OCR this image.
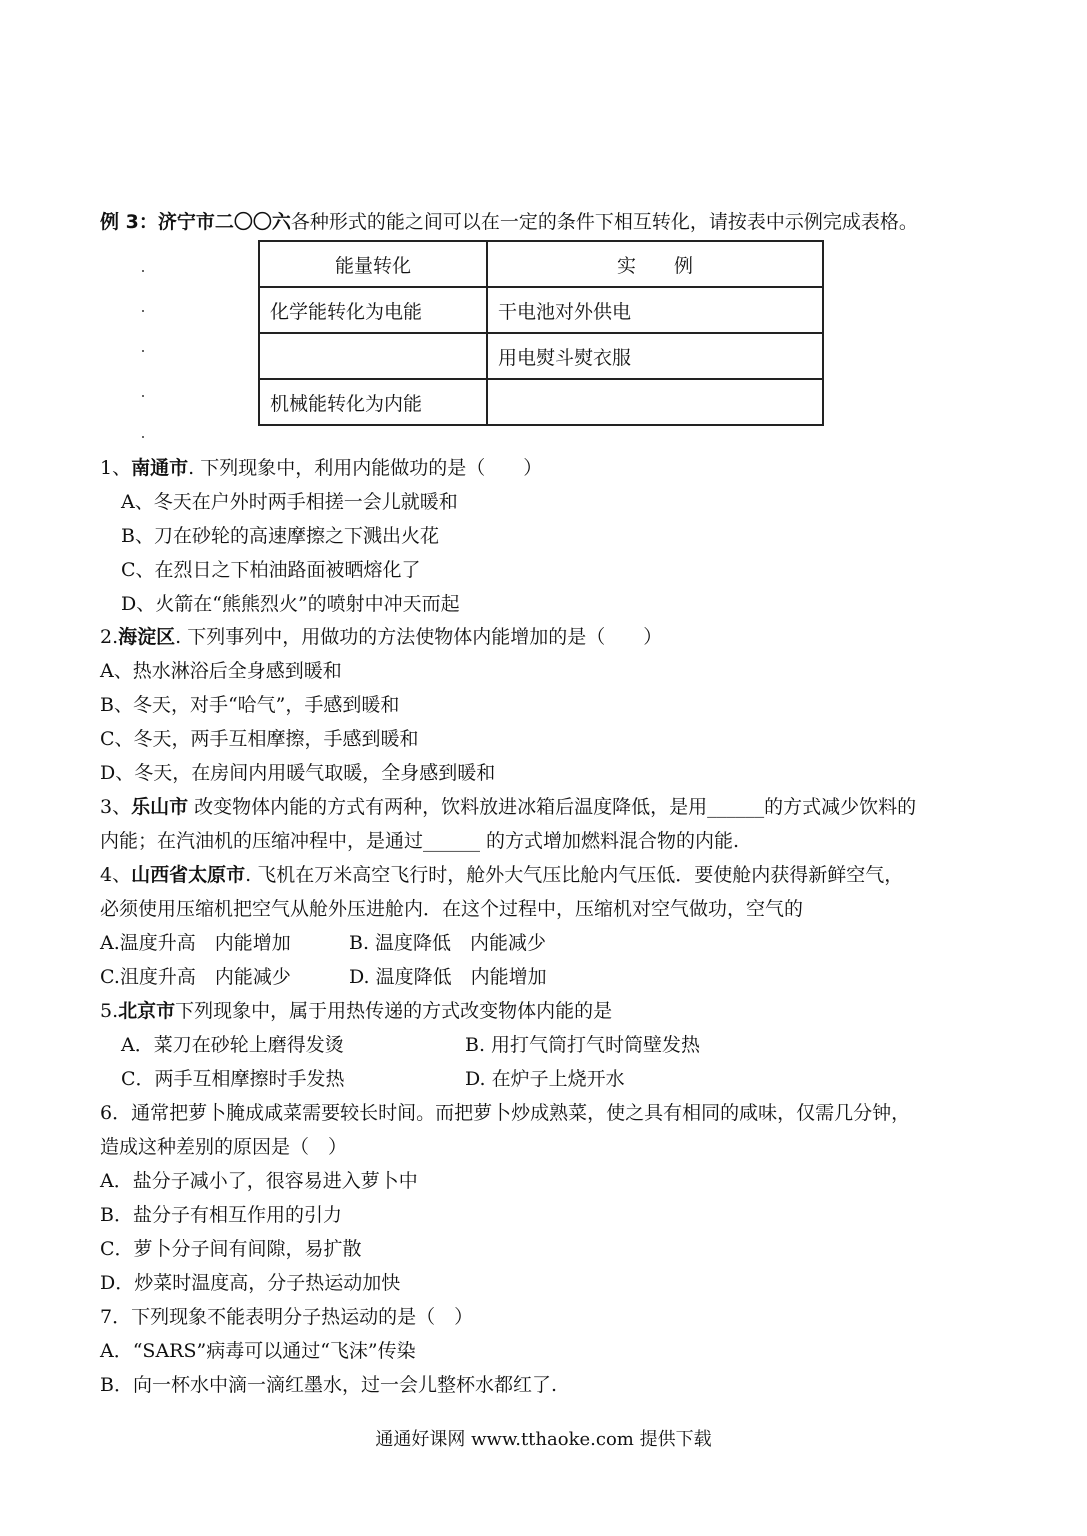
例 3：济宁市二〇〇六各种形式的能之间可以在一定的条件下相互转化，请按表中示例完成表格。
能量转化	实　　例
化学能转化为电能	干电池对外供电
	用电熨斗熨衣服
机械能转化为内能	
1、南通市. 下列现象中，利用内能做功的是（　　）
A、冬天在户外时两手相搓一会儿就暖和
B、刀在砂轮的高速摩擦之下溅出火花
C、在烈日之下柏油路面被晒熔化了
D、火箭在“熊熊烈火”的喷射中冲天而起
2.海淀区. 下列事列中，用做功的方法使物体内能增加的是（　　）
A、热水淋浴后全身感到暖和
B、冬天，对手“哈气”，手感到暖和
C、冬天，两手互相摩擦，手感到暖和
D、冬天，在房间内用暖气取暖，全身感到暖和
3、乐山市 改变物体内能的方式有两种，饮料放进冰箱后温度降低，是用______的方式减少饮料的
内能；在汽油机的压缩冲程中，是通过______ 的方式增加燃料混合物的内能.
4、山西省太原市. 飞机在万米高空飞行时，舱外大气压比舱内气压低．要使舱内获得新鲜空气，
必须使用压缩机把空气从舱外压进舱内．在这个过程中，压缩机对空气做功，空气的
A.温度升高　内能增加	B. 温度降低　内能减少
C.沮度升高　内能减少	D. 温度降低　内能增加
5.北京市下列现象中，属于用热传递的方式改变物体内能的是
A．菜刀在砂轮上磨得发烫	B. 用打气筒打气时筒壁发热
C．两手互相摩擦时手发热	D. 在炉子上烧开水
6．通常把萝卜腌成咸菜需要较长时间。而把萝卜炒成熟菜，使之具有相同的咸味，仅需几分钟，
造成这种差别的原因是（　）
A．盐分子减小了，很容易进入萝卜中
B．盐分子有相互作用的引力
C．萝卜分子间有间隙，易扩散
D．炒菜时温度高，分子热运动加快
7．下列现象不能表明分子热运动的是（　）
A．“SARS”病毒可以通过“飞沫”传染
B．向一杯水中滴一滴红墨水，过一会儿整杯水都红了.
通通好课网 www.tthaoke.com 提供下载
